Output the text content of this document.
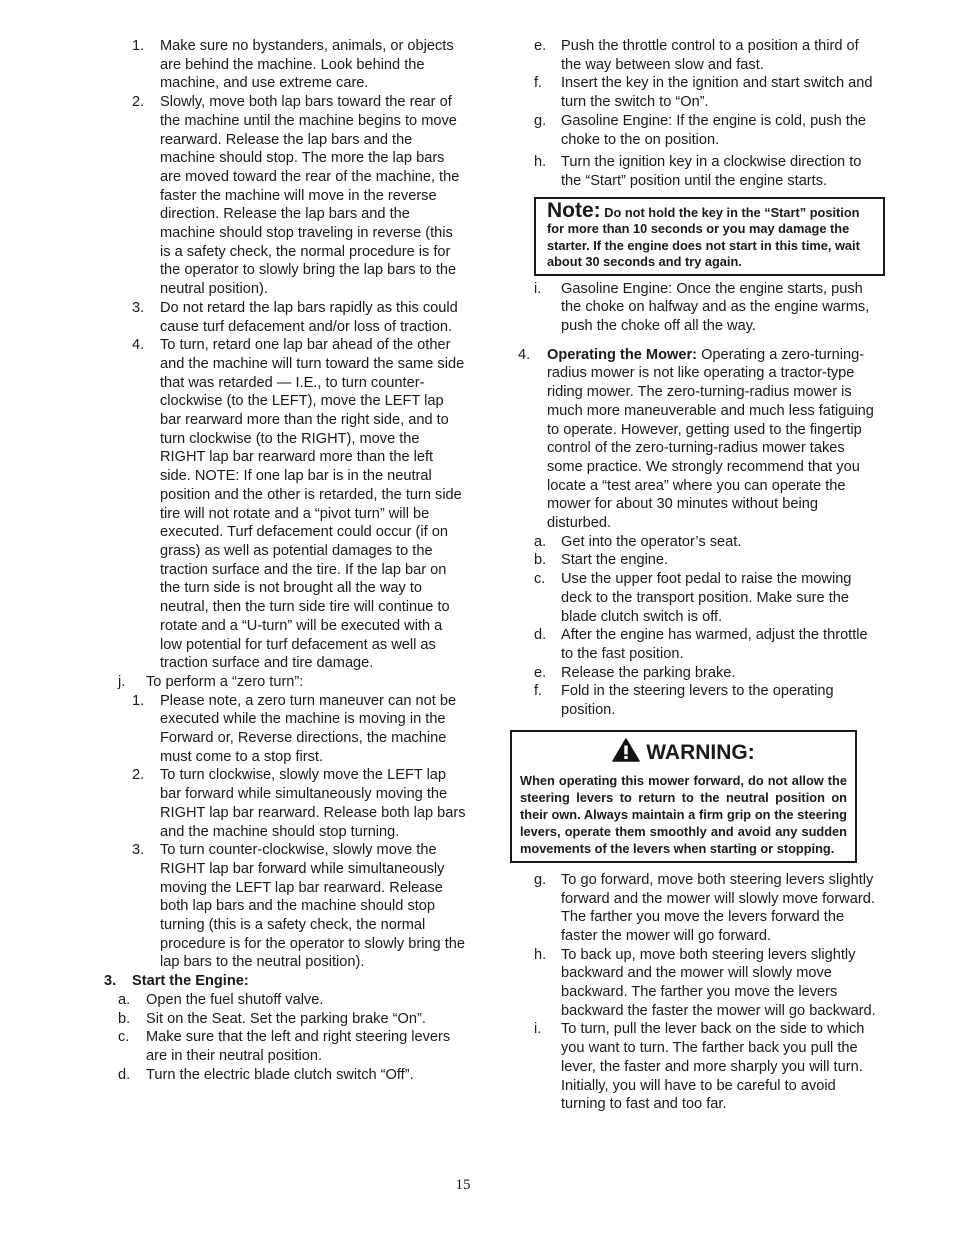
1. Make sure no bystanders, animals, or objects are behind the machine. Look behind the machine, and use extreme care.
2. Slowly, move both lap bars toward the rear of the machine until the machine begins to move rearward. Release the lap bars and the machine should stop. The more the lap bars are moved toward the rear of the machine, the faster the machine will move in the reverse direction. Release the lap bars and the machine should stop traveling in reverse (this is a safety check, the normal procedure is for the operator to slowly bring the lap bars to the neutral position).
3. Do not retard the lap bars rapidly as this could cause turf defacement and/or loss of traction.
4. To turn, retard one lap bar ahead of the other and the machine will turn toward the same side that was retarded — I.E., to turn counter-clockwise (to the LEFT), move the LEFT lap bar rearward more than the right side, and to turn clockwise (to the RIGHT), move the RIGHT lap bar rearward more than the left side. NOTE: If one lap bar is in the neutral position and the other is retarded, the turn side tire will not rotate and a “pivot turn” will be executed. Turf defacement could occur (if on grass) as well as potential damages to the traction surface and the tire. If the lap bar on the turn side is not brought all the way to neutral, then the turn side tire will continue to rotate and a “U-turn” will be executed with a low potential for turf defacement as well as traction surface and tire damage.
j. To perform a “zero turn”:
1. Please note, a zero turn maneuver can not be executed while the machine is moving in the Forward or, Reverse directions, the machine must come to a stop first.
2. To turn clockwise, slowly move the LEFT lap bar forward while simultaneously moving the RIGHT lap bar rearward. Release both lap bars and the machine should stop turning.
3. To turn counter-clockwise, slowly move the RIGHT lap bar forward while simultaneously moving the LEFT lap bar rearward. Release both lap bars and the machine should stop turning (this is a safety check, the normal procedure is for the operator to slowly bring the lap bars to the neutral position).
3. Start the Engine:
a. Open the fuel shutoff valve.
b. Sit on the Seat. Set the parking brake “On”.
c. Make sure that the left and right steering levers are in their neutral position.
d. Turn the electric blade clutch switch “Off”.
e. Push the throttle control to a position a third of the way between slow and fast.
f. Insert the key in the ignition and start switch and turn the switch to “On”.
g. Gasoline Engine: If the engine is cold, push the choke to the on position.
h. Turn the ignition key in a clockwise direction to the “Start” position until the engine starts.
Note: Do not hold the key in the “Start” position for more than 10 seconds or you may damage the starter. If the engine does not start in this time, wait about 30 seconds and try again.
i. Gasoline Engine: Once the engine starts, push the choke on halfway and as the engine warms, push the choke off all the way.
4. Operating the Mower: Operating a zero-turning-radius mower is not like operating a tractor-type riding mower. The zero-turning-radius mower is much more maneuverable and much less fatiguing to operate. However, getting used to the fingertip control of the zero-turning-radius mower takes some practice. We strongly recommend that you locate a “test area” where you can operate the mower for about 30 minutes without being disturbed.
a. Get into the operator’s seat.
b. Start the engine.
c. Use the upper foot pedal to raise the mowing deck to the transport position. Make sure the blade clutch switch is off.
d. After the engine has warmed, adjust the throttle to the fast position.
e. Release the parking brake.
f. Fold in the steering levers to the operating position.
WARNING:
When operating this mower forward, do not allow the steering levers to return to the neutral position on their own. Always maintain a firm grip on the steering levers, operate them smoothly and avoid any sudden movements of the levers when starting or stopping.
g. To go forward, move both steering levers slightly forward and the mower will slowly move forward. The farther you move the levers forward the faster the mower will go forward.
h. To back up, move both steering levers slightly backward and the mower will slowly move backward. The farther you move the levers backward the faster the mower will go backward.
i. To turn, pull the lever back on the side to which you want to turn. The farther back you pull the lever, the faster and more sharply you will turn. Initially, you will have to be careful to avoid turning to fast and too far.
15
